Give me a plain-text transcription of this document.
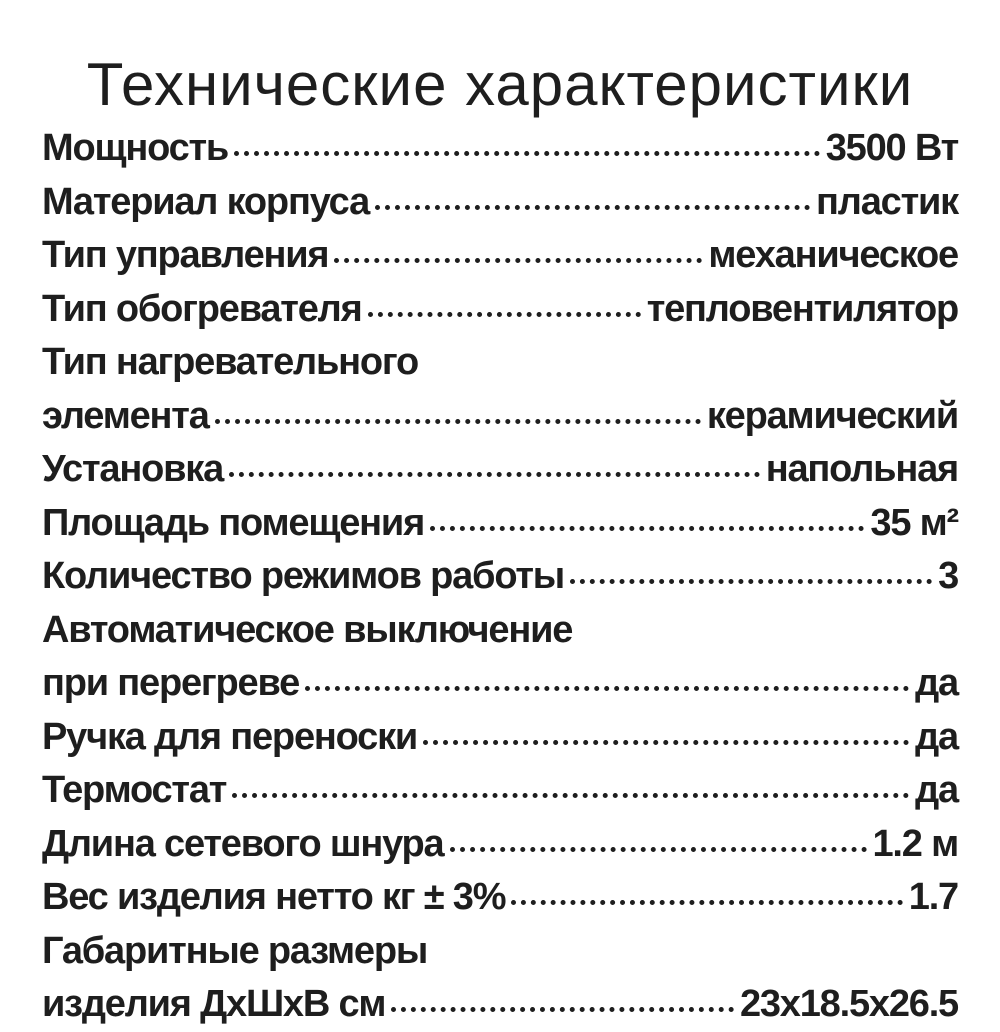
Технические характеристики
Мощность	3500 Вт
Материал корпуса	пластик
Тип управления	механическое
Тип обогревателя	тепловентилятор
Тип нагревательного
элемента	керамический
Установка	напольная
Площадь помещения	35 м²
Количество режимов работы	3
Автоматическое выключение
при перегреве	да
Ручка для переноски	да
Термостат	да
Длина сетевого шнура	1.2 м
Вес изделия нетто кг ± 3%	1.7
Габаритные размеры
изделия ДхШхВ см	23х18.5х26.5
